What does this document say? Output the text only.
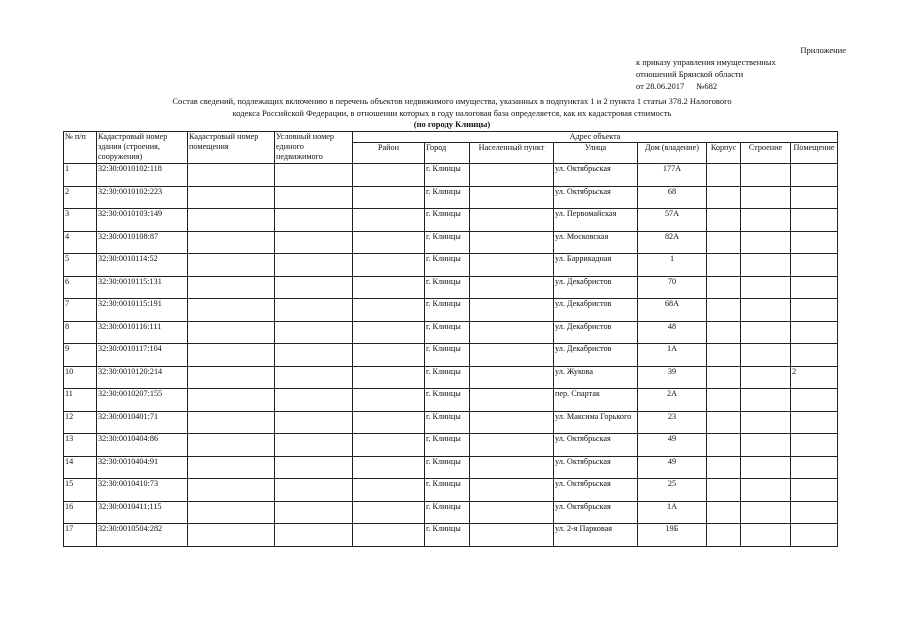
Приложение
к приказу управления имущественных
отношений Брянской области
от 28.06.2017 №682
Состав сведений, подлежащих включению в перечень объектов недвижимого имущества, указанных в подпунктах 1 и 2 пункта 1 статьи 378.2 Налогового
кодекса Российской Федерации, в отношении которых в году налоговая база определяется, как их кадастровая стоимость
(по городу Клинцы)
№ п/п	Кадастровый номер здания (строения, сооружения)	Кадастровый номер помещения	Условный номер единого недвижимого	Адрес объекта							
				Район	Город	Населенный пункт	Улица	Дом (владение)	Корпус	Строение	Помещение
1	32:30:0010102:118				г. Клинцы		ул. Октябрьская	177А			
2	32:30:0010102:223				г. Клинцы		ул. Октябрьская	68			
3	32:30:0010103:149				г. Клинцы		ул. Первомайская	57А			
4	32:30:0010108:87				г. Клинцы		ул. Московская	82А			
5	32:30:0010114:52				г. Клинцы		ул. Баррикадная	1			
6	32:30:0010115:131				г. Клинцы		ул. Декабристов	70			
7	32:30:0010115:191				г. Клинцы		ул. Декабристов	68А			
8	32:30:0010116:111				г. Клинцы		ул. Декабристов	48			
9	32:30:0010117:104				г. Клинцы		ул. Декабристов	1А			
10	32:30:0010120:214				г. Клинцы		ул. Жукова	39			2
11	32:30:0010207:155				г. Клинцы		пер. Спартак	2А			
12	32:30:0010401:71				г. Клинцы		ул. Максима Горького	23			
13	32:30:0010404:86				г. Клинцы		ул. Октябрьская	49			
14	32:30:0010404:91				г. Клинцы		ул. Октябрьская	49			
15	32:30:0010410:73				г. Клинцы		ул. Октябрьская	25			
16	32:30:0010411:115				г. Клинцы		ул. Октябрьская	1А			
17	32:30:0010504:282				г. Клинцы		ул. 2-я Парковая	19Б			
